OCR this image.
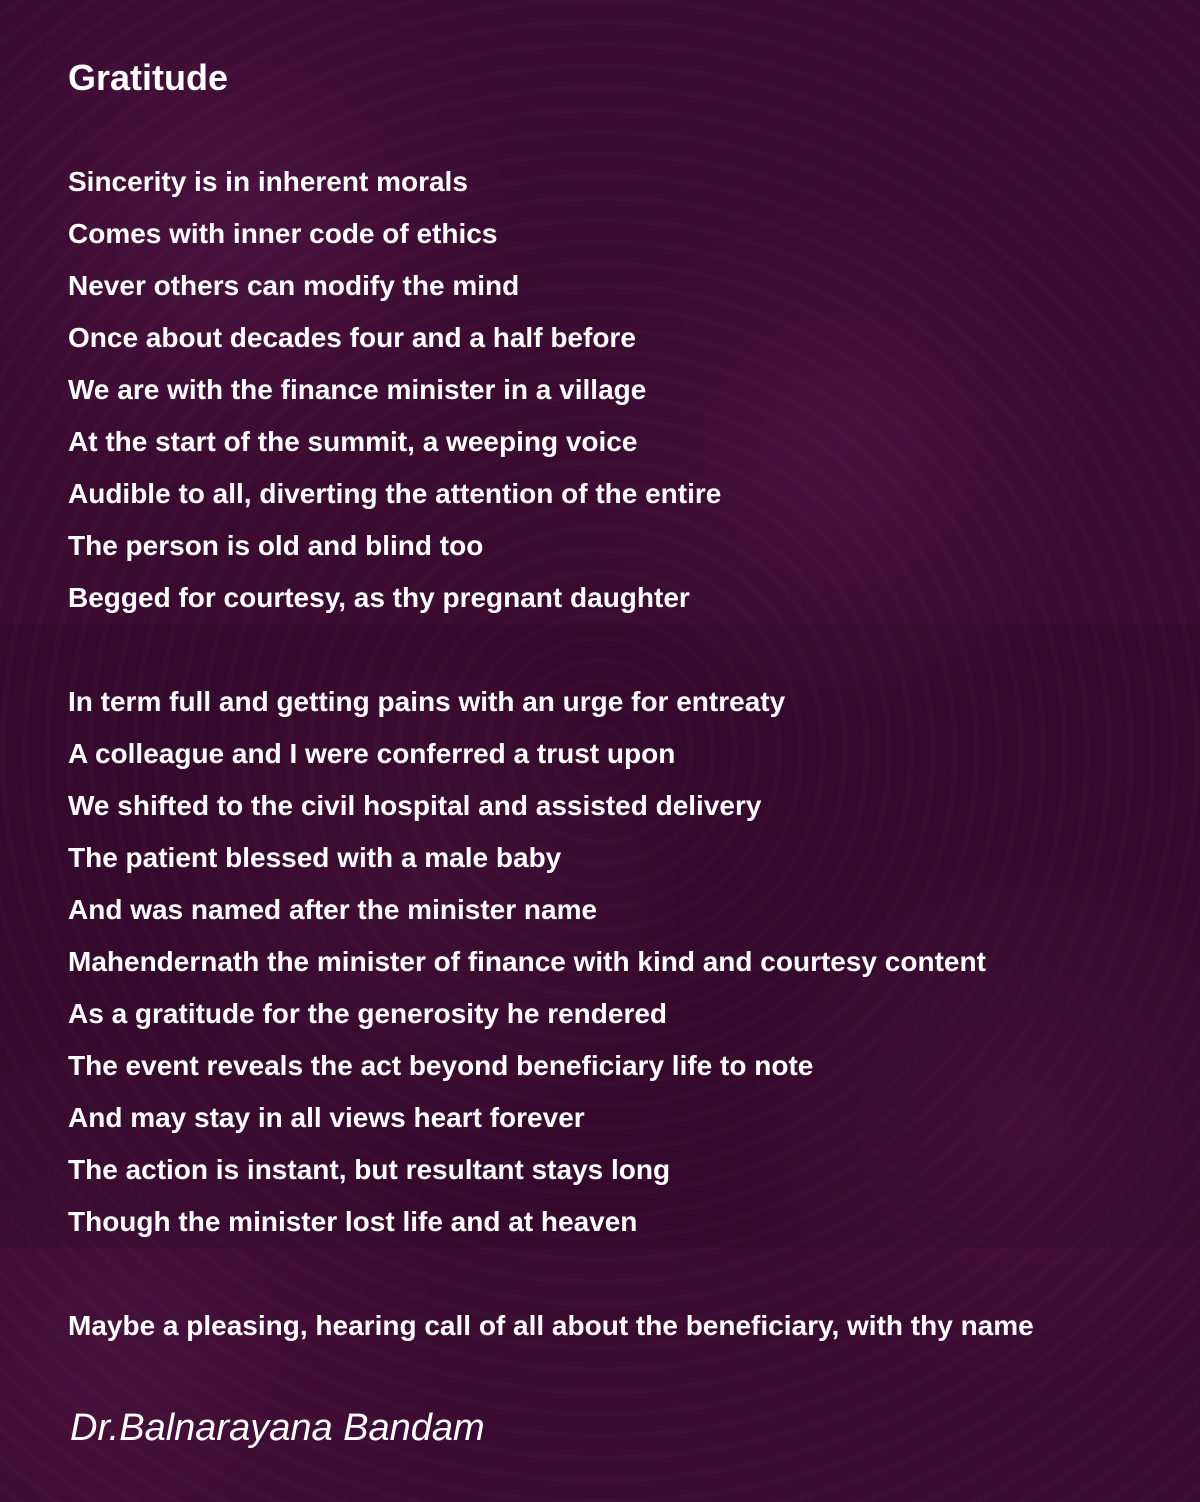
Gratitude
Sincerity is in inherent morals
Comes with inner code of ethics
Never others can modify the mind
Once about decades four and a half before
We are with the finance minister in a village
At the start of the summit, a weeping voice
Audible to all, diverting the attention of the entire
The person is old and blind too
Begged for courtesy, as thy pregnant daughter
In term full and getting pains with an urge for entreaty
A colleague and I were conferred a trust upon
We shifted to the civil hospital and assisted delivery
The patient blessed with a male baby
And was named after the minister name
Mahendernath the minister of finance with kind and courtesy content
As a gratitude for the generosity he rendered
The event reveals the act beyond beneficiary life to note
And may stay in all views heart forever
The action is instant, but resultant stays long
Though the minister lost life and at heaven
Maybe a pleasing, hearing call of all about the beneficiary, with thy name
Dr.Balnarayana Bandam
